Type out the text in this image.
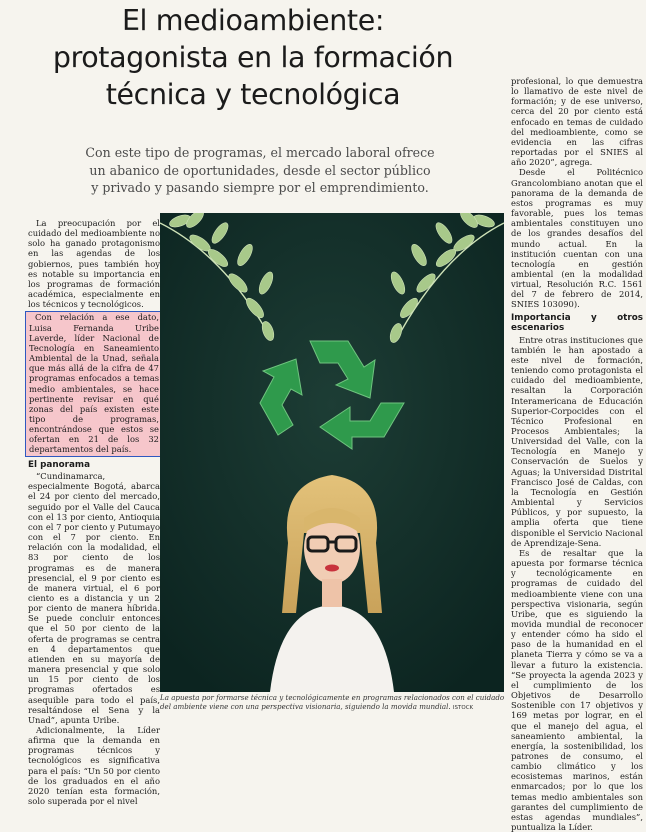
El medioambiente:
protagonista en la formación
técnica y tecnológica

Con este tipo de programas, el mercado laboral ofrece
un abanico de oportunidades, desde el sector público
y privado y pasando siempre por el emprendimiento.

La preocupación por el cuidado del medioambiente no solo ha ganado protagonismo en las agendas de los gobiernos, pues también hoy es notable su importancia en los programas de formación académica, especialmente en los técnicos y tecnológicos.

Con relación a ese dato, Luisa Fernanda Uribe Laverde, líder Nacional de Tecnología en Saneamiento Ambiental de la Unad, señala que más allá de la cifra de 47 programas enfocados a temas medio ambientales, se hace pertinente revisar en qué zonas del país existen este tipo de programas, encontrándose que estos se ofertan en 21 de los 32 departamentos del país.

El panorama

“Cundinamarca, especialmente Bogotá, abarca el 24 por ciento del mercado, seguido por el Valle del Cauca con el 13 por ciento, Antioquia con el 7 por ciento y Putumayo con el 7 por ciento. En relación con la modalidad, el 83 por ciento de los programas es de manera presencial, el 9 por ciento es de manera virtual, el 6 por ciento es a distancia y un 2 por ciento de manera híbrida. Se puede concluir entonces que el 50 por ciento de la oferta de programas se centra en 4 departamentos que atienden en su mayoría de manera presencial y que solo un 15 por ciento de los programas ofertados es asequible para todo el país, resaltándose el Sena y la Unad”, apunta Uribe.

Adicionalmente, la Líder afirma que la demanda en programas técnicos y tecnológicos es significativa para el país: “Un 50 por ciento de los graduados en el año 2020 tenían esta formación, solo superada por el nivel

La apuesta por formarse técnica y tecnológicamente en programas relacionados con el cuidado del ambiente viene con una perspectiva visionaria, siguiendo la movida mundial. ISTOCK

profesional, lo que demuestra lo llamativo de este nivel de formación; y de ese universo, cerca del 20 por ciento está enfocado en temas de cuidado del medioambiente, como se evidencia en las cifras reportadas por el SNIES al año 2020”, agrega.

Desde el Politécnico Grancolombiano anotan que el panorama de la demanda de estos programas es muy favorable, pues los temas ambientales constituyen uno de los grandes desafíos del mundo actual. En la institución cuentan con una tecnología en gestión ambiental (en la modalidad virtual, Resolución R.C. 1561 del 7 de febrero de 2014, SNIES 103090).

Importancia y otros escenarios

Entre otras instituciones que también le han apostado a este nivel de formación, teniendo como protagonista el cuidado del medioambiente, resaltan la Corporación Interamericana de Educación Superior-Corpocides con el Técnico Profesional en Procesos Ambientales; la Universidad del Valle, con la Tecnología en Manejo y Conservación de Suelos y Aguas; la Universidad Distrital Francisco José de Caldas, con la Tecnología en Gestión Ambiental y Servicios Públicos, y por supuesto, la amplia oferta que tiene disponible el Servicio Nacional de Aprendizaje-Sena.

Es de resaltar que la apuesta por formarse técnica y tecnológicamente en programas de cuidado del medioambiente viene con una perspectiva visionaria, según Uribe, que es siguiendo la movida mundial de reconocer y entender cómo ha sido el paso de la humanidad en el planeta Tierra y cómo se va a llevar a futuro la existencia. “Se proyecta la agenda 2023 y el cumplimiento de los Objetivos de Desarrollo Sostenible con 17 objetivos y 169 metas por lograr, en el que el manejo del agua, el saneamiento ambiental, la energía, la sostenibilidad, los patrones de consumo, el cambio climático y los ecosistemas marinos, están enmarcados; por lo que los temas medio ambientales son garantes del cumplimiento de estas agendas mundiales”, puntualiza la Líder.
